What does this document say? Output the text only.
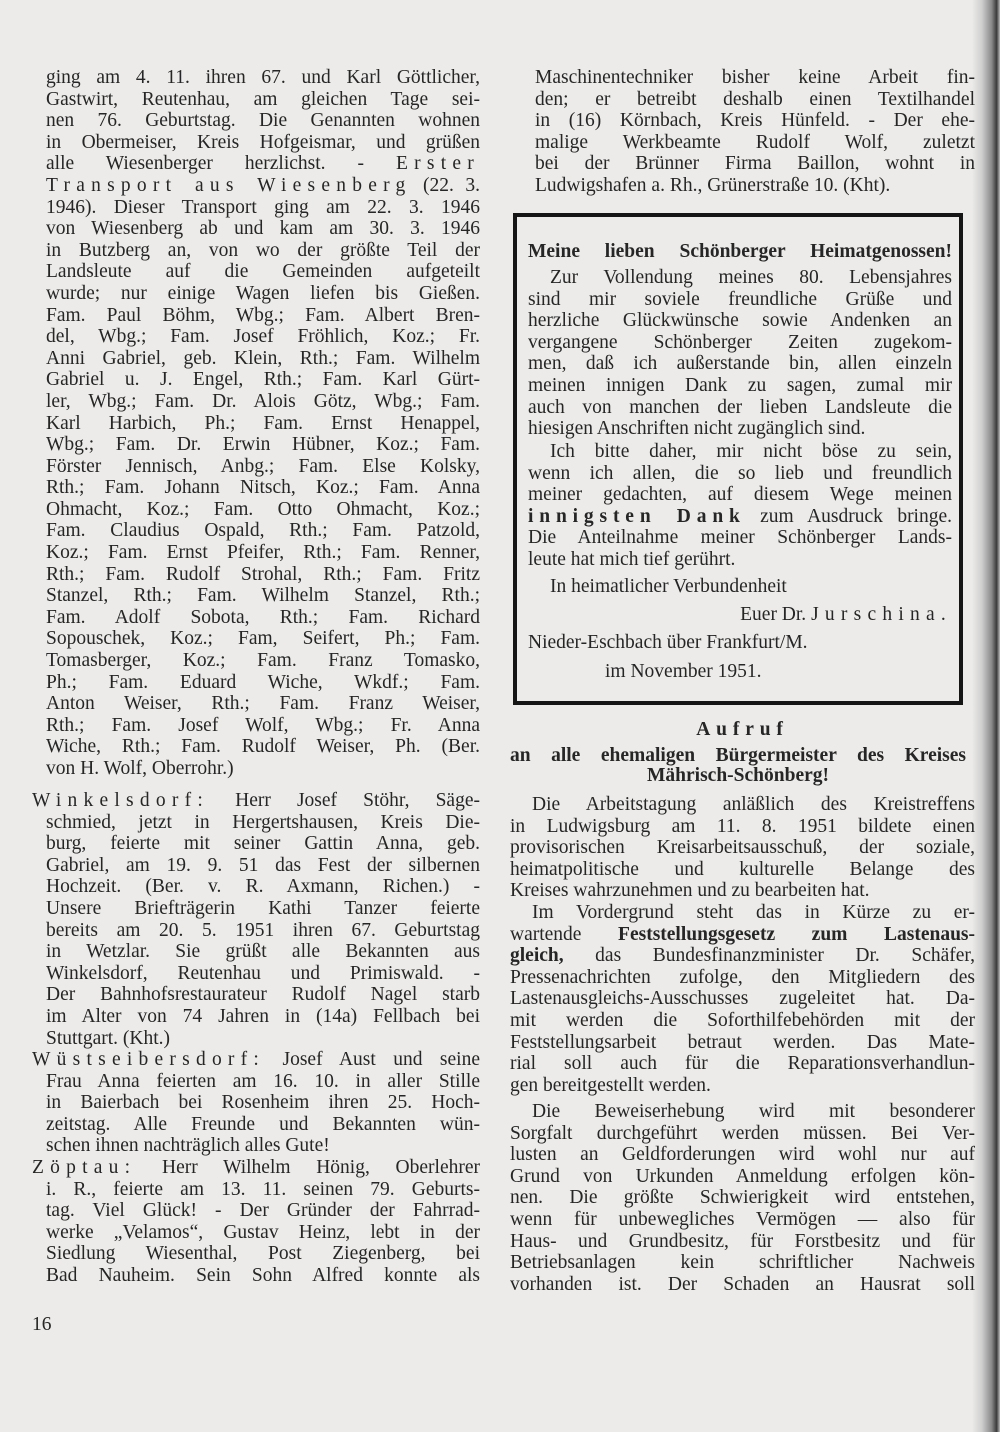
ging am 4. 11. ihren 67. und Karl Göttlicher,
Gastwirt, Reutenhau, am gleichen Tage sei-
nen 76. Geburtstag. Die Genannten wohnen
in Obermeiser, Kreis Hofgeismar, und grüßen
alle Wiesenberger herzlichst. - Erster
Transport aus Wiesenberg (22. 3.
1946). Dieser Transport ging am 22. 3. 1946
von Wiesenberg ab und kam am 30. 3. 1946
in Butzberg an, von wo der größte Teil der
Landsleute auf die Gemeinden aufgeteilt
wurde; nur einige Wagen liefen bis Gießen.
Fam. Paul Böhm, Wbg.; Fam. Albert Bren-
del, Wbg.; Fam. Josef Fröhlich, Koz.; Fr.
Anni Gabriel, geb. Klein, Rth.; Fam. Wilhelm
Gabriel u. J. Engel, Rth.; Fam. Karl Gürt-
ler, Wbg.; Fam. Dr. Alois Götz, Wbg.; Fam.
Karl Harbich, Ph.; Fam. Ernst Henappel,
Wbg.; Fam. Dr. Erwin Hübner, Koz.; Fam.
Förster Jennisch, Anbg.; Fam. Else Kolsky,
Rth.; Fam. Johann Nitsch, Koz.; Fam. Anna
Ohmacht, Koz.; Fam. Otto Ohmacht, Koz.;
Fam. Claudius Ospald, Rth.; Fam. Patzold,
Koz.; Fam. Ernst Pfeifer, Rth.; Fam. Renner,
Rth.; Fam. Rudolf Strohal, Rth.; Fam. Fritz
Stanzel, Rth.; Fam. Wilhelm Stanzel, Rth.;
Fam. Adolf Sobota, Rth.; Fam. Richard
Sopouschek, Koz.; Fam, Seifert, Ph.; Fam.
Tomasberger, Koz.; Fam. Franz Tomasko,
Ph.; Fam. Eduard Wiche, Wkdf.; Fam.
Anton Weiser, Rth.; Fam. Franz Weiser,
Rth.; Fam. Josef Wolf, Wbg.; Fr. Anna
Wiche, Rth.; Fam. Rudolf Weiser, Ph. (Ber.
von H. Wolf, Oberrohr.)
Winkelsdorf: Herr Josef Stöhr, Säge-
schmied, jetzt in Hergertshausen, Kreis Die-
burg, feierte mit seiner Gattin Anna, geb.
Gabriel, am 19. 9. 51 das Fest der silbernen
Hochzeit. (Ber. v. R. Axmann, Richen.) -
Unsere Briefträgerin Kathi Tanzer feierte
bereits am 20. 5. 1951 ihren 67. Geburtstag
in Wetzlar. Sie grüßt alle Bekannten aus
Winkelsdorf, Reutenhau und Primiswald. -
Der Bahnhofsrestaurateur Rudolf Nagel starb
im Alter von 74 Jahren in (14a) Fellbach bei
Stuttgart. (Kht.)
Wüstseibersdorf: Josef Aust und seine
Frau Anna feierten am 16. 10. in aller Stille
in Baierbach bei Rosenheim ihren 25. Hoch-
zeitstag. Alle Freunde und Bekannten wün-
schen ihnen nachträglich alles Gute!
Zöptau: Herr Wilhelm Hönig, Oberlehrer
i. R., feierte am 13. 11. seinen 79. Geburts-
tag. Viel Glück! - Der Gründer der Fahrrad-
werke „Velamos“, Gustav Heinz, lebt in der
Siedlung Wiesenthal, Post Ziegenberg, bei
Bad Nauheim. Sein Sohn Alfred konnte als
16
Maschinentechniker bisher keine Arbeit fin-
den; er betreibt deshalb einen Textilhandel
in (16) Körnbach, Kreis Hünfeld. - Der ehe-
malige Werkbeamte Rudolf Wolf, zuletzt
bei der Brünner Firma Baillon, wohnt in
Ludwigshafen a. Rh., Grünerstraße 10. (Kht).
Meine lieben Schönberger Heimatgenossen!
Zur Vollendung meines 80. Lebensjahres
sind mir soviele freundliche Grüße und
herzliche Glückwünsche sowie Andenken an
vergangene Schönberger Zeiten zugekom-
men, daß ich außerstande bin, allen einzeln
meinen innigen Dank zu sagen, zumal mir
auch von manchen der lieben Landsleute die
hiesigen Anschriften nicht zugänglich sind.
Ich bitte daher, mir nicht böse zu sein,
wenn ich allen, die so lieb und freundlich
meiner gedachten, auf diesem Wege meinen
innigsten Dank zum Ausdruck bringe.
Die Anteilnahme meiner Schönberger Lands-
leute hat mich tief gerührt.
In heimatlicher Verbundenheit
Euer Dr. Jurschina.
Nieder-Eschbach über Frankfurt/M.
im November 1951.
Aufruf
an alle ehemaligen Bürgermeister des Kreises
Mährisch-Schönberg!
Die Arbeitstagung anläßlich des Kreistreffens
in Ludwigsburg am 11. 8. 1951 bildete einen
provisorischen Kreisarbeitsausschuß, der soziale,
heimatpolitische und kulturelle Belange des
Kreises wahrzunehmen und zu bearbeiten hat.
Im Vordergrund steht das in Kürze zu er-
wartende Feststellungsgesetz zum Lastenaus-
gleich, das Bundesfinanzminister Dr. Schäfer,
Pressenachrichten zufolge, den Mitgliedern des
Lastenausgleichs-Ausschusses zugeleitet hat. Da-
mit werden die Soforthilfebehörden mit der
Feststellungsarbeit betraut werden. Das Mate-
rial soll auch für die Reparationsverhandlun-
gen bereitgestellt werden.
Die Beweiserhebung wird mit besonderer
Sorgfalt durchgeführt werden müssen. Bei Ver-
lusten an Geldforderungen wird wohl nur auf
Grund von Urkunden Anmeldung erfolgen kön-
nen. Die größte Schwierigkeit wird entstehen,
wenn für unbewegliches Vermögen — also für
Haus- und Grundbesitz, für Forstbesitz und für
Betriebsanlagen kein schriftlicher Nachweis
vorhanden ist. Der Schaden an Hausrat soll
